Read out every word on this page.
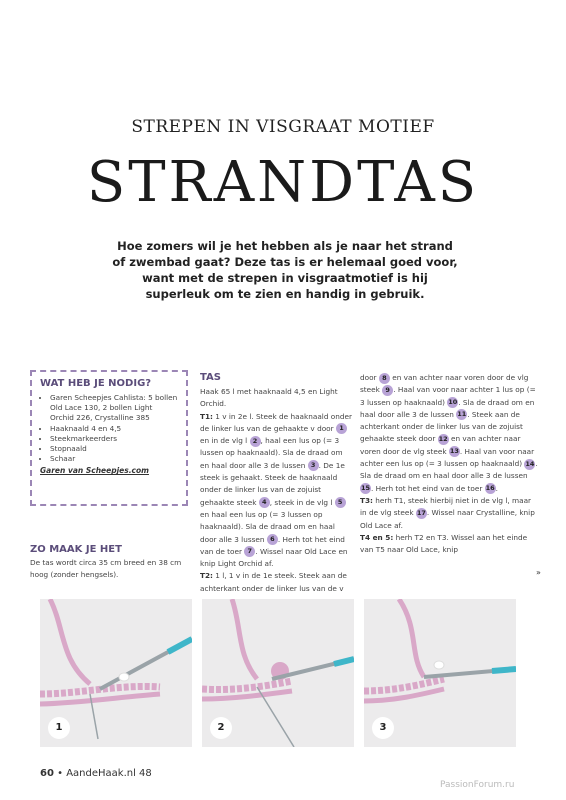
STREPEN IN VISGRAAT MOTIEF
STRANDTAS
Hoe zomers wil je het hebben als je naar het strand of zwembad gaat? Deze tas is er helemaal goed voor, want met de strepen in visgraatmotief is hij superleuk om te zien en handig in gebruik.
WAT HEB JE NODIG?
• Garen Scheepjes Cahlista: 5 bollen Old Lace 130, 2 bollen Light Orchid 226, Crystalline 385
• Haaknaald 4 en 4,5
• Steekmarkeerders
• Stopnaald
• Schaar
Garen van Scheepjes.com
ZO MAAK JE HET
De tas wordt circa 35 cm breed en 38 cm hoog (zonder hengsels).
TAS
Haak 65 l met haaknaald 4,5 en Light Orchid.
T1: 1 v in 2e l. Steek de haaknaald onder de linker lus van de gehaakte v door 1 en in de vlg l 2 , haal een lus op (= 3 lussen op haaknaald). Sla de draad om en haal door alle 3 de lussen 3 . De 1e steek is gehaakt. Steek de haaknaald onder de linker lus van de zojuist gehaakte steek 4 , steek in de vlg l 5 en haal een lus op (= 3 lussen op haaknaald). Sla de draad om en haal door alle 3 lussen 6 . Herh tot het eind van de toer 7 . Wissel naar Old Lace en knip Light Orchid af.
T2: 1 l, 1 v in de 1e steek. Steek aan de achterkant onder de linker lus van de v
door 8 en van achter naar voren door de vlg steek 9 . Haal van voor naar achter 1 lus op (= 3 lussen op haaknaald) 10. Sla de draad om en haal door alle 3 de lussen 11. Steek aan de achterkant onder de linker lus van de zojuist gehaakte steek door 12 en van achter naar voren door de vlg steek 13. Haal van voor naar achter een lus op (= 3 lussen op haaknaald) 14. Sla de draad om en haal door alle 3 de lussen 15. Herh tot het eind van de toer 16.
T3: herh T1, steek hierbij niet in de vlg l, maar in de vlg steek 17. Wissel naar Crystalline, knip Old Lace af.
T4 en 5: herh T2 en T3. Wissel aan het einde van T5 naar Old Lace, knip
»
1	2	3
60 • AandeHaak.nl 48
PassionForum.ru
